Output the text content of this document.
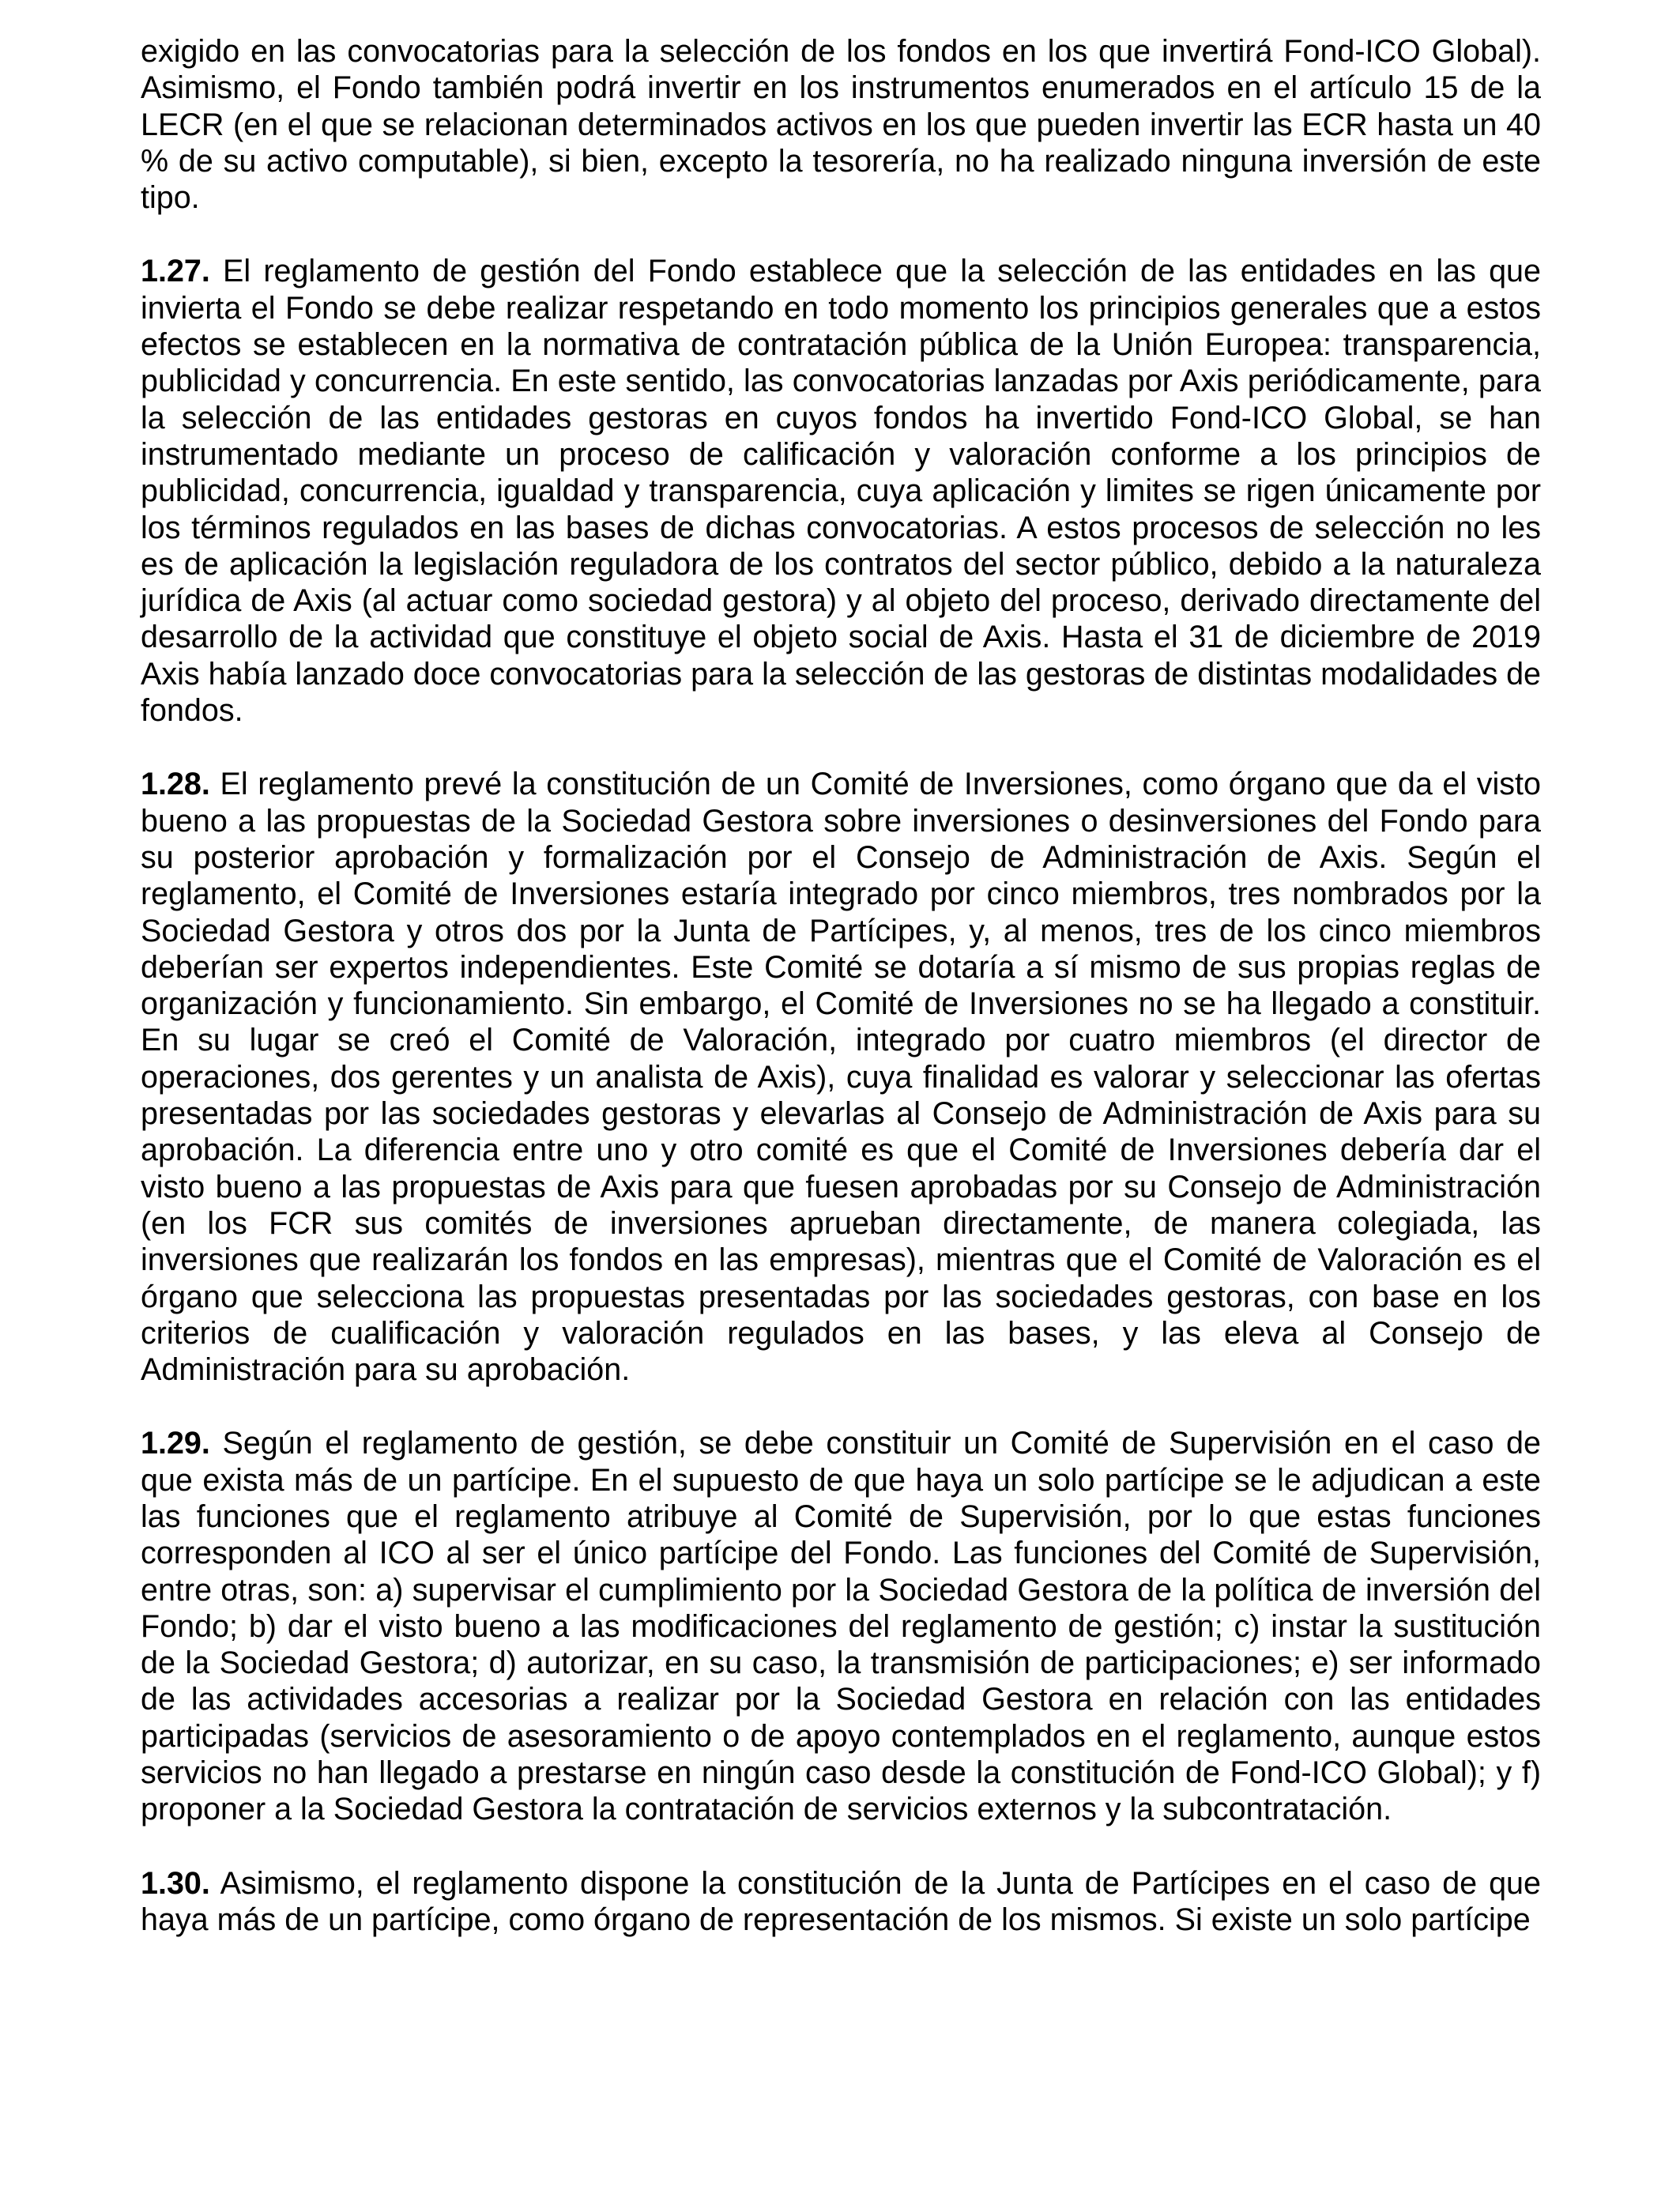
exigido en las convocatorias para la selección de los fondos en los que invertirá Fond-ICO Global). Asimismo, el Fondo también podrá invertir en los instrumentos enumerados en el artículo 15 de la LECR (en el que se relacionan determinados activos en los que pueden invertir las ECR hasta un 40 % de su activo computable), si bien, excepto la tesorería, no ha realizado ninguna inversión de este tipo.

1.27. El reglamento de gestión del Fondo establece que la selección de las entidades en las que invierta el Fondo se debe realizar respetando en todo momento los principios generales que a estos efectos se establecen en la normativa de contratación pública de la Unión Europea: transparencia, publicidad y concurrencia. En este sentido, las convocatorias lanzadas por Axis periódicamente, para la selección de las entidades gestoras en cuyos fondos ha invertido Fond-ICO Global, se han instrumentado mediante un proceso de calificación y valoración conforme a los principios de publicidad, concurrencia, igualdad y transparencia, cuya aplicación y limites se rigen únicamente por los términos regulados en las bases de dichas convocatorias. A estos procesos de selección no les es de aplicación la legislación reguladora de los contratos del sector público, debido a la naturaleza jurídica de Axis (al actuar como sociedad gestora) y al objeto del proceso, derivado directamente del desarrollo de la actividad que constituye el objeto social de Axis. Hasta el 31 de diciembre de 2019 Axis había lanzado doce convocatorias para la selección de las gestoras de distintas modalidades de fondos.

1.28. El reglamento prevé la constitución de un Comité de Inversiones, como órgano que da el visto bueno a las propuestas de la Sociedad Gestora sobre inversiones o desinversiones del Fondo para su posterior aprobación y formalización por el Consejo de Administración de Axis. Según el reglamento, el Comité de Inversiones estaría integrado por cinco miembros, tres nombrados por la Sociedad Gestora y otros dos por la Junta de Partícipes, y, al menos, tres de los cinco miembros deberían ser expertos independientes. Este Comité se dotaría a sí mismo de sus propias reglas de organización y funcionamiento. Sin embargo, el Comité de Inversiones no se ha llegado a constituir. En su lugar se creó el Comité de Valoración, integrado por cuatro miembros (el director de operaciones, dos gerentes y un analista de Axis), cuya finalidad es valorar y seleccionar las ofertas presentadas por las sociedades gestoras y elevarlas al Consejo de Administración de Axis para su aprobación. La diferencia entre uno y otro comité es que el Comité de Inversiones debería dar el visto bueno a las propuestas de Axis para que fuesen aprobadas por su Consejo de Administración (en los FCR sus comités de inversiones aprueban directamente, de manera colegiada, las inversiones que realizarán los fondos en las empresas), mientras que el Comité de Valoración es el órgano que selecciona las propuestas presentadas por las sociedades gestoras, con base en los criterios de cualificación y valoración regulados en las bases, y las eleva al Consejo de Administración para su aprobación.

1.29. Según el reglamento de gestión, se debe constituir un Comité de Supervisión en el caso de que exista más de un partícipe. En el supuesto de que haya un solo partícipe se le adjudican a este las funciones que el reglamento atribuye al Comité de Supervisión, por lo que estas funciones corresponden al ICO al ser el único partícipe del Fondo. Las funciones del Comité de Supervisión, entre otras, son: a) supervisar el cumplimiento por la Sociedad Gestora de la política de inversión del Fondo; b) dar el visto bueno a las modificaciones del reglamento de gestión; c) instar la sustitución de la Sociedad Gestora; d) autorizar, en su caso, la transmisión de participaciones; e) ser informado de las actividades accesorias a realizar por la Sociedad Gestora en relación con las entidades participadas (servicios de asesoramiento o de apoyo contemplados en el reglamento, aunque estos servicios no han llegado a prestarse en ningún caso desde la constitución de Fond-ICO Global); y f) proponer a la Sociedad Gestora la contratación de servicios externos y la subcontratación.

1.30. Asimismo, el reglamento dispone la constitución de la Junta de Partícipes en el caso de que haya más de un partícipe, como órgano de representación de los mismos. Si existe un solo partícipe
